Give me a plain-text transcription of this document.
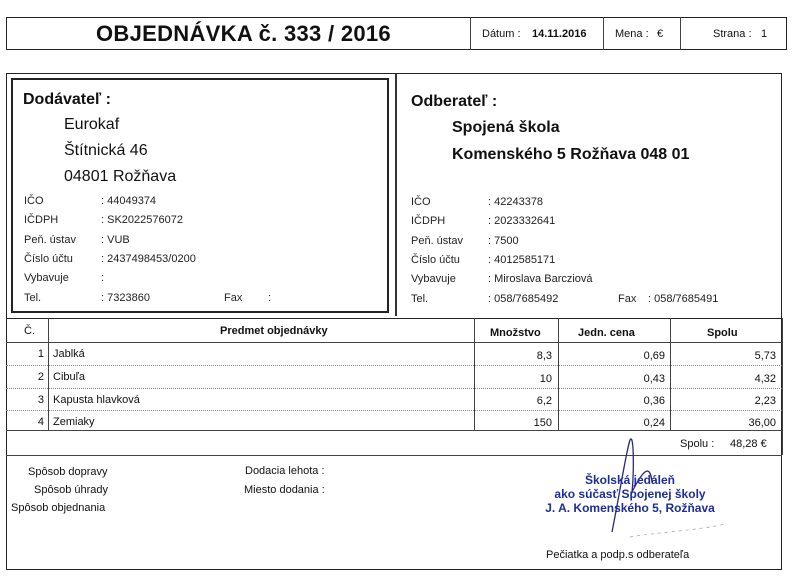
OBJEDNÁVKA č. 333 / 2016	Dátum : 14.11.2016	Mena : €	Strana : 1
Dodávateľ :
Eurokaf
Štítnická 46
04801 Rožňava
IČO	: 44049374
IČDPH	: SK2022576072
Peň. ústav : VUB
Číslo účtu	: 2437498453/0200
Vybavuje	:
Tel.	: 7323860	Fax :
Odberateľ :
Spojená škola
Komenského 5 Rožňava 048 01
IČO	: 42243378
IČDPH	: 2023332641
Peň. ústav : 7500
Číslo účtu	: 4012585171
Vybavuje	: Miroslava Barcziová
Tel.	: 058/7685492	Fax : 058/7685491
Č.	Predmet objednávky	Množstvo	Jedn. cena	Spolu
1 Jablká	8,3	0,69	5,73
2 Cibuľa	10	0,43	4,32
3 Kapusta hlavková	6,2	0,36	2,23
4 Zemiaky	150	0,24	36,00
Spolu : 48,28 €
Spôsob dopravy
Spôsob úhrady
Spôsob objednania
Dodacia lehota :
Miesto dodania :
Pečiatka a podp.s odberateľa
Školská jedáleň
ako súčasť Spojenej školy
J. A. Komenského 5, Rožňava
